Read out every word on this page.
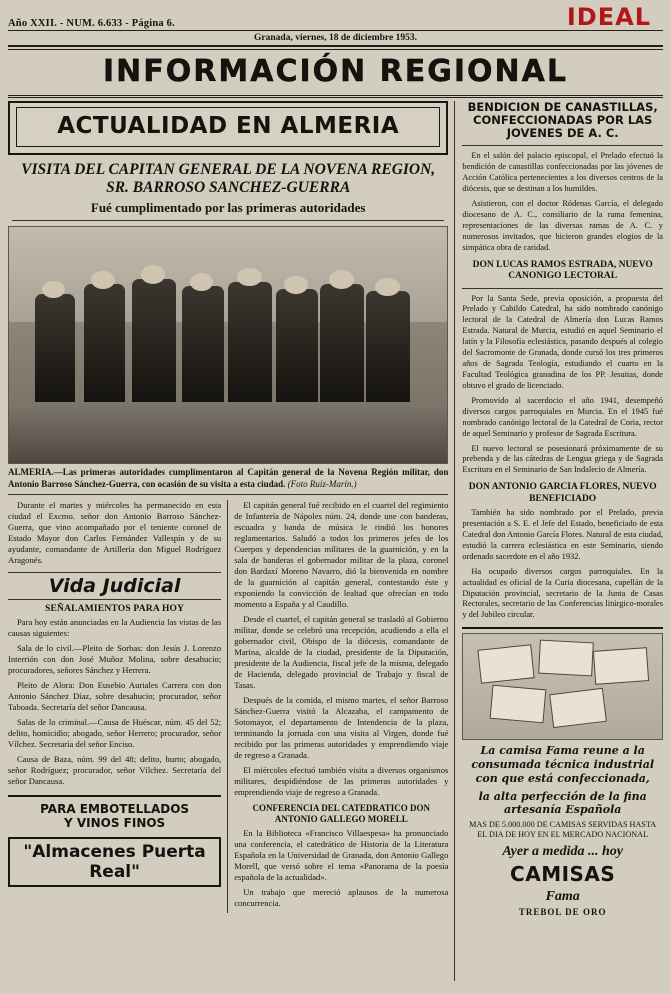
Año XXII. - NUM. 6.633 - Página 6.	IDEAL
Granada, viernes, 18 de diciembre 1953.
INFORMACIÓN REGIONAL
ACTUALIDAD EN ALMERIA
VISITA DEL CAPITAN GENERAL DE LA NOVENA REGION, SR. BARROSO SANCHEZ-GUERRA
Fué cumplimentado por las primeras autoridades
ALMERIA.—Las primeras autoridades cumplimentaron al Capitán general de la Novena Región militar, don Antonio Barroso Sánchez-Guerra, con ocasión de su visita a esta ciudad. (Foto Ruiz-Marín.)

Durante el martes y miércoles ha permanecido en esta ciudad el Excmo. señor don Antonio Barroso Sánchez-Guerra, que vino acompañado por el teniente coronel de Estado Mayor don Carlos Fernández Vallespín y de su ayudante, comandante de Artillería don Miguel Rodríguez Aragonés.

Vida Judicial
SEÑALAMIENTOS PARA HOY

Para hoy están anunciadas en la Audiencia las vistas de las causas siguientes:

Sala de lo civil.—Pleito de Sorbas: don Jesús J. Lorenzo Interrión con don José Muñoz Molina, sobre desahucio; procuradores, señores Sánchez y Herrera.

Pleito de Alora: Don Eusebio Auriales Carrera con don Antonio Sánchez Díaz, sobre desahucio; procurador, señor Taboada. Secretaría del señor Dancausa.

Salas de lo criminal.—Causa de Huéscar, núm. 45 del 52; delito, homicidio; abogado, señor Herrero; procurador, señor Vílchez. Secretaría del señor Enciso.

Causa de Baza, núm. 99 del 48; delito, hurto; abogado, señor Rodríguez; procurador, señor Vílchez. Secretaría del señor Dancausa.

PARA EMBOTELLADOS
Y VINOS FINOS
"Almacenes Puerta Real"

El capitán general fué recibido en el cuartel del regimiento de Infantería de Nápoles núm. 24, donde une con banderas, escuadra y banda de música le rindió los honores reglamentarios. Saludó a todos los primeros jefes de los Cuerpos y dependencias militares de la guarnición, y en la sala de banderas el gobernador militar de la plaza, coronel don Bardaxí Moreno Navarro, dió la bienvenida en nombre de la guarnición al capitán general, contestando éste y exponiendo la convicción de lealtad que ofrecían en todo momento a España y al Caudillo.

Desde el cuartel, el capitán general se trasladó al Gobierno militar, donde se celebró una recepción, acudiendo a ella el gobernador civil, Obispo de la diócesis, comandante de Marina, alcalde de la ciudad, presidente de la Diputación, presidente de la Audiencia, fiscal jefe de la misma, delegado de Hacienda, delegado provincial de Trabajo y fiscal de Tasas.

Después de la comida, el mismo martes, el señor Barroso Sánchez-Guerra visitó la Alcazaba, el campamento de Sotomayor, el departamento de Intendencia de la plaza, terminando la jornada con una visita al Virgen, donde fué recibido por las primeras autoridades y emprendiendo viaje de regreso a Granada.

El miércoles efectuó también visita a diversos organismos militares, despidiéndose de las primeras autoridades y emprendiendo viaje de regreso a Granada.

CONFERENCIA DEL CATEDRATICO DON ANTONIO GALLEGO MORELL

En la Biblioteca «Francisco Villaespesa» ha pronunciado una conferencia, el catedrático de Historia de la Literatura Española en la Universidad de Granada, don Antonio Gallego Morell, que versó sobre el tema «Panorama de la poesía española de la actualidad».

Un trabajo que mereció aplausos de la numerosa concurrencia.

BENDICION DE CANASTILLAS, CONFECCIONADAS POR LAS JOVENES DE A. C.

En el salón del palacio episcopal, el Prelado efectuó la bendición de canastillas confeccionadas por las jóvenes de Acción Católica pertenecientes a los diversos centros de la diócesis, que se destinan a los humildes.

Asistieron, con el doctor Ródenas García, el delegado diocesano de A. C., consiliario de la rama femenina, representaciones de las diversas ramas de A. C. y numerosos invitados, que hicieron grandes elogios de la simpática obra de caridad.

DON LUCAS RAMOS ESTRADA, NUEVO CANONIGO LECTORAL

Por la Santa Sede, previa oposición, a propuesta del Prelado y Cabildo Catedral, ha sido nombrado canónigo lectoral de la Catedral de Almería don Lucas Ramos Estrada. Natural de Murcia, estudió en aquel Seminario el latín y la Filosofía eclesiástica, pasando después al colegio del Sacromonte de Granada, donde cursó los tres primeros años de Sagrada Teología, estudiando el cuarto en la Facultad Teológica granadina de los PP. Jesuitas, donde obtuvo el grado de licenciado.

Promovido al sacerdocio el año 1941, desempeñó diversos cargos parroquiales en Murcia. En el 1945 fué nombrado canónigo lectoral de la Catedral de Coria, rector de aquel Seminario y profesor de Sagrada Escritura.

El nuevo lectoral se posesionará próximamente de su prebenda y de las cátedras de Lengua griega y de Sagrada Escritura en el Seminario de San Indalecio de Almería.

DON ANTONIO GARCIA FLORES, NUEVO BENEFICIADO

También ha sido nombrado por el Prelado, previa presentación a S. E. el Jefe del Estado, beneficiado de esta Catedral don Antonio García Flores. Natural de esta ciudad, estudió la carrera eclesiástica en este Seminario, siendo ordenado sacerdote en el año 1932.

Ha ocupado diversos cargos parroquiales. En la actualidad es oficial de la Curia diocesana, capellán de la Diputación provincial, secretario de la Junta de Casas Rectorales, secretario de las Conferencias litúrgico-morales y del Jubileo circular.

La camisa Fama reune a la consumada técnica industrial con que está confeccionada,
la alta perfección de la fina artesanía Española
MAS DE 5.000.000 DE CAMISAS SERVIDAS HASTA EL DIA DE HOY EN EL MERCADO NACIONAL
Ayer a medida ... hoy
CAMISAS
Fama
TREBOL DE ORO
